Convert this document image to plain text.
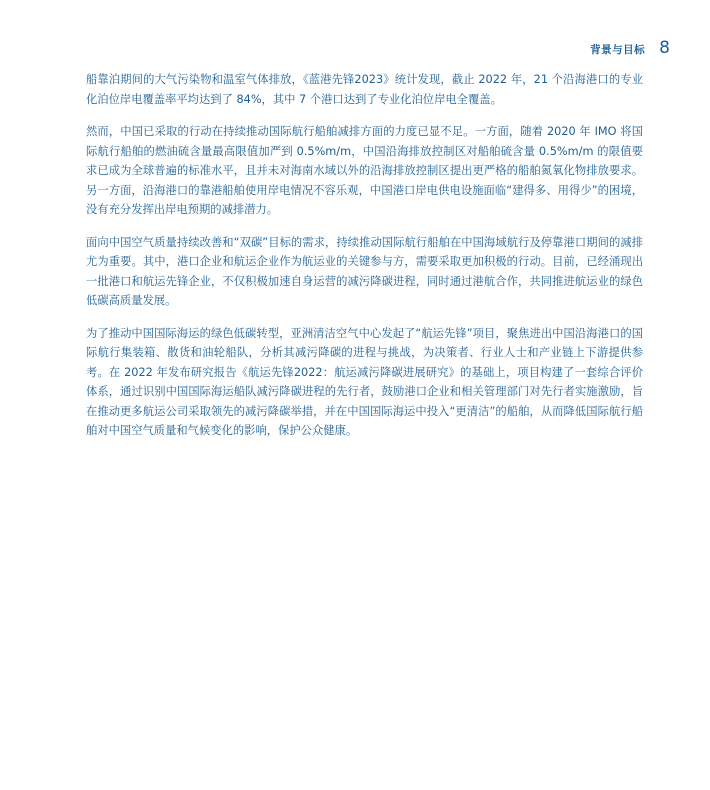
背景与目标 8

船靠泊期间的大气污染物和温室气体排放，《蓝港先锋2023》统计发现，截止 2022 年，21 个沿海港口的专业化泊位岸电覆盖率平均达到了 84%，其中 7 个港口达到了专业化泊位岸电全覆盖。

然而，中国已采取的行动在持续推动国际航行船舶减排方面的力度已显不足。一方面，随着 2020 年 IMO 将国际航行船舶的燃油硫含量最高限值加严到 0.5%m/m，中国沿海排放控制区对船舶硫含量 0.5%m/m 的限值要求已成为全球普遍的标准水平，且并未对海南水域以外的沿海排放控制区提出更严格的船舶氮氧化物排放要求。另一方面，沿海港口的靠港船舶使用岸电情况不容乐观，中国港口岸电供电设施面临“建得多、用得少”的困境，没有充分发挥出岸电预期的减排潜力。

面向中国空气质量持续改善和“双碳”目标的需求，持续推动国际航行船舶在中国海域航行及停靠港口期间的减排尤为重要。其中，港口企业和航运企业作为航运业的关键参与方，需要采取更加积极的行动。目前，已经涌现出一批港口和航运先锋企业，不仅积极加速自身运营的减污降碳进程，同时通过港航合作，共同推进航运业的绿色低碳高质量发展。

为了推动中国国际海运的绿色低碳转型，亚洲清洁空气中心发起了“航运先锋”项目，聚焦进出中国沿海港口的国际航行集装箱、散货和油轮船队，分析其减污降碳的进程与挑战，为决策者、行业人士和产业链上下游提供参考。在 2022 年发布研究报告《航运先锋2022：航运减污降碳进展研究》的基础上，项目构建了一套综合评价体系，通过识别中国国际海运船队减污降碳进程的先行者，鼓励港口企业和相关管理部门对先行者实施激励，旨在推动更多航运公司采取领先的减污降碳举措，并在中国国际海运中投入“更清洁”的船舶，从而降低国际航行船舶对中国空气质量和气候变化的影响，保护公众健康。
